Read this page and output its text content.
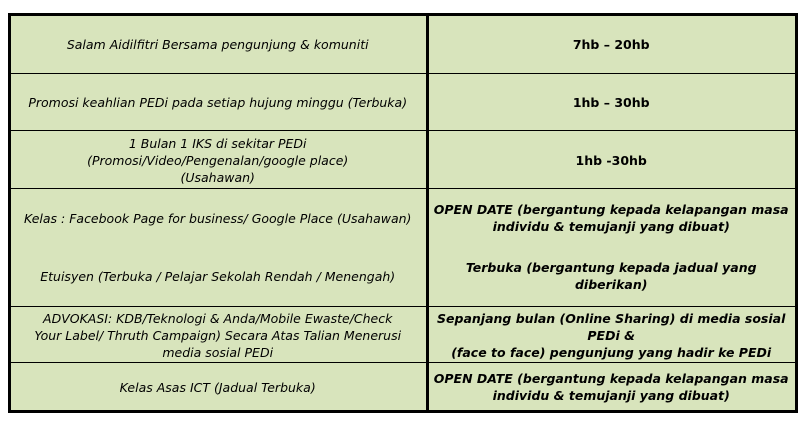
Salam Aidilfitri Bersama pengunjung & komuniti	7hb – 20hb
Promosi keahlian PEDi pada setiap hujung minggu (Terbuka)	1hb – 30hb
1 Bulan 1 IKS di sekitar PEDi
(Promosi/Video/Pengenalan/google place)
(Usahawan)
1hb -30hb
Kelas : Facebook Page for business/ Google Place (Usahawan)
OPEN DATE (bergantung kepada kelapangan masa
individu & temujanji yang dibuat)
Etuisyen (Terbuka / Pelajar Sekolah Rendah / Menengah)
Terbuka (bergantung kepada jadual yang diberikan)
ADVOKASI: KDB/Teknologi & Anda/Mobile Ewaste/Check
Your Label/ Thruth Campaign) Secara Atas Talian Menerusi
media sosial PEDi
Sepanjang bulan (Online Sharing) di media sosial PEDi &
(face to face) pengunjung yang hadir ke PEDi
Kelas Asas ICT (Jadual Terbuka)
OPEN DATE (bergantung kepada kelapangan masa
individu & temujanji yang dibuat)
